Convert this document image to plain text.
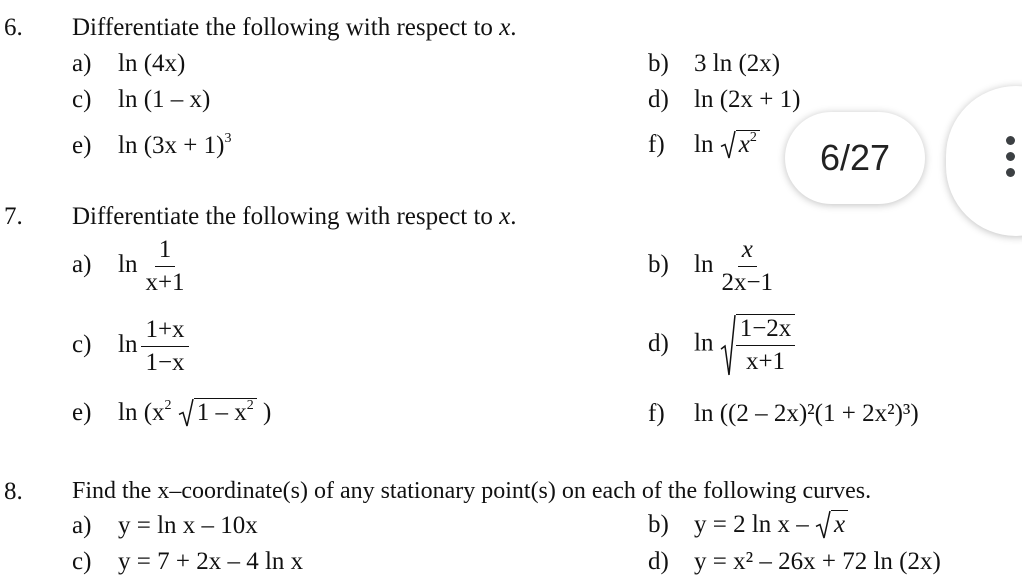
6. Differentiate the following with respect to x.
a) ln (4x)	b) 3 ln (2x)
c) ln (1 – x)	d) ln (2x + 1)
e) $\ln (3x + 1)^3$	f) $\ln x^2$
7. Differentiate the following with respect to x.
a) $\ln \frac{1}{x+1}$	b) $\ln \frac{x}{2x-1}$
c) $\ln \frac{1+x}{1-x}$	d) $\ln \frac{1-2x}{x+1}$
e) $\ln (x^2$ $1 - x^2$ )	f) ln ((2 – 2x)²(1 + 2x²)³)
8. Find the x–coordinate(s) of any stationary point(s) on each of the following curves.
a) y = ln x – 10x	b) y = 2 ln x – x
c) y = 7 + 2x – 4 ln x	d) y = x² – 26x + 72 ln (2x)
6/27
